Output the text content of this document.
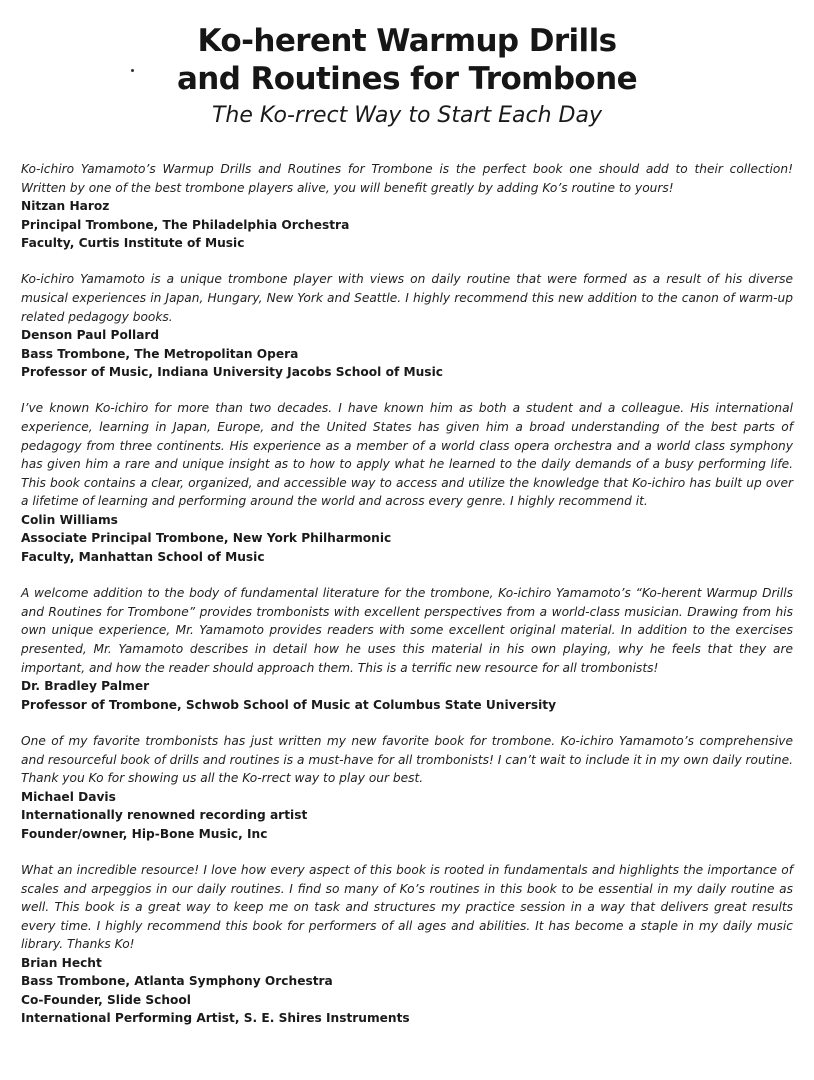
Ko-herent Warmup Drills
and Routines for Trombone
The Ko-rrect Way to Start Each Day

Ko-ichiro Yamamoto’s Warmup Drills and Routines for Trombone is the perfect book one should add to their collection! Written by one of the best trombone players alive, you will benefit greatly by adding Ko’s routine to yours!

Nitzan Haroz

Principal Trombone, The Philadelphia Orchestra

Faculty, Curtis Institute of Music

Ko-ichiro Yamamoto is a unique trombone player with views on daily routine that were formed as a result of his diverse musical experiences in Japan, Hungary, New York and Seattle. I highly recommend this new addition to the canon of warm-up related pedagogy books.

Denson Paul Pollard

Bass Trombone, The Metropolitan Opera

Professor of Music, Indiana University Jacobs School of Music

I’ve known Ko-ichiro for more than two decades. I have known him as both a student and a colleague. His international experience, learning in Japan, Europe, and the United States has given him a broad understanding of the best parts of pedagogy from three continents. His experience as a member of a world class opera orchestra and a world class symphony has given him a rare and unique insight as to how to apply what he learned to the daily demands of a busy performing life. This book contains a clear, organized, and accessible way to access and utilize the knowledge that Ko-ichiro has built up over a lifetime of learning and performing around the world and across every genre. I highly recommend it.

Colin Williams

Associate Principal Trombone, New York Philharmonic

Faculty, Manhattan School of Music

A welcome addition to the body of fundamental literature for the trombone, Ko-ichiro Yamamoto’s “Ko-herent Warmup Drills and Routines for Trombone” provides trombonists with excellent perspectives from a world-class musician. Drawing from his own unique experience, Mr. Yamamoto provides readers with some excellent original material. In addition to the exercises presented, Mr. Yamamoto describes in detail how he uses this material in his own playing, why he feels that they are important, and how the reader should approach them. This is a terrific new resource for all trombonists!

Dr. Bradley Palmer

Professor of Trombone, Schwob School of Music at Columbus State University

One of my favorite trombonists has just written my new favorite book for trombone. Ko-ichiro Yamamoto’s comprehensive and resourceful book of drills and routines is a must-have for all trombonists! I can’t wait to include it in my own daily routine. Thank you Ko for showing us all the Ko-rrect way to play our best.

Michael Davis

Internationally renowned recording artist

Founder/owner, Hip-Bone Music, Inc

What an incredible resource! I love how every aspect of this book is rooted in fundamentals and highlights the importance of scales and arpeggios in our daily routines. I find so many of Ko’s routines in this book to be essential in my daily routine as well. This book is a great way to keep me on task and structures my practice session in a way that delivers great results every time. I highly recommend this book for performers of all ages and abilities. It has become a staple in my daily music library. Thanks Ko!

Brian Hecht

Bass Trombone, Atlanta Symphony Orchestra

Co-Founder, Slide School

International Performing Artist, S. E. Shires Instruments
